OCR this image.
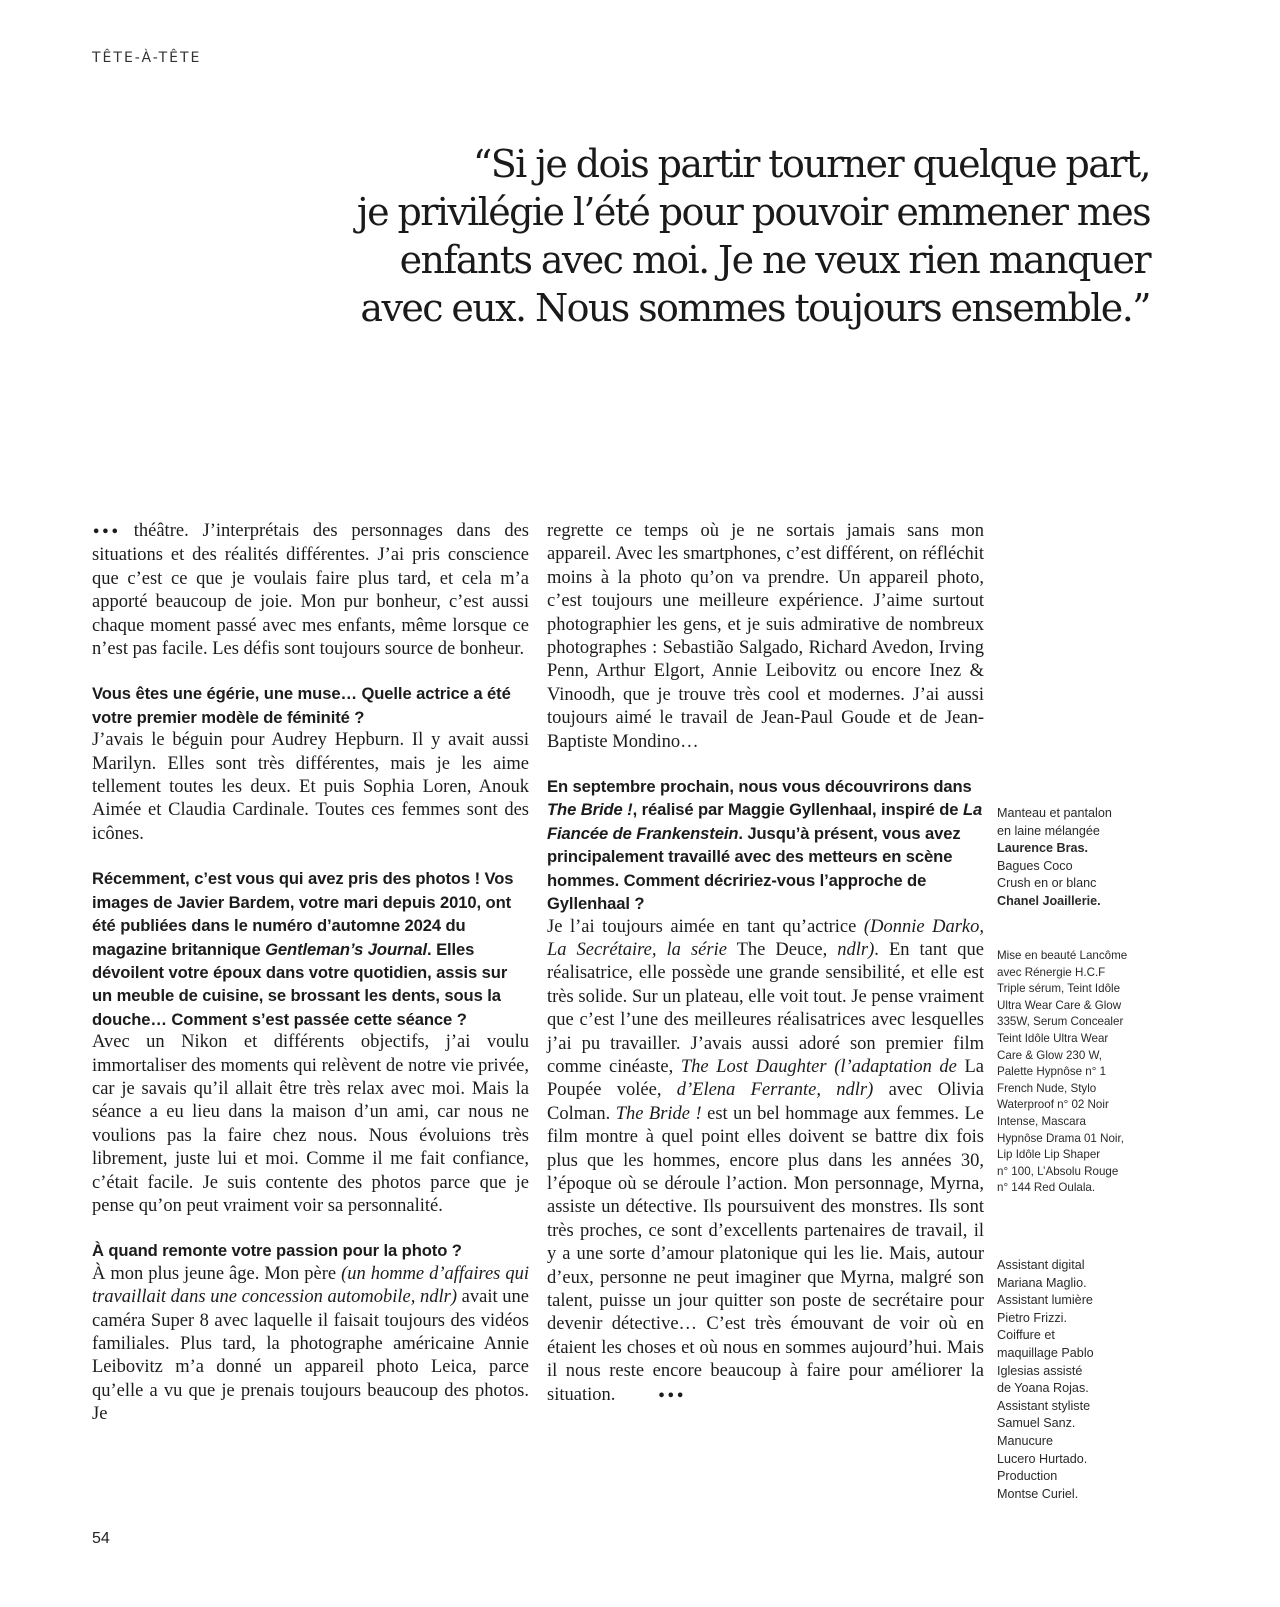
TÊTE-À-TÊTE
“Si je dois partir tourner quelque part,
je privilégie l’été pour pouvoir emmener mes
enfants avec moi. Je ne veux rien manquer
avec eux. Nous sommes toujours ensemble.”

••• théâtre. J’interprétais des personnages dans des situations et des réalités différentes. J’ai pris conscience que c’est ce que je voulais faire plus tard, et cela m’a apporté beaucoup de joie. Mon pur bonheur, c’est aussi chaque moment passé avec mes enfants, même lorsque ce n’est pas facile. Les défis sont toujours source de bonheur.

Vous êtes une égérie, une muse… Quelle actrice a été votre premier modèle de féminité ?

J’avais le béguin pour Audrey Hepburn. Il y avait aussi Marilyn. Elles sont très différentes, mais je les aime tellement toutes les deux. Et puis Sophia Loren, Anouk Aimée et Claudia Cardinale. Toutes ces femmes sont des icônes.

Récemment, c’est vous qui avez pris des photos ! Vos images de Javier Bardem, votre mari depuis 2010, ont été publiées dans le numéro d’automne 2024 du magazine britannique Gentleman’s Journal. Elles dévoilent votre époux dans votre quotidien, assis sur un meuble de cuisine, se brossant les dents, sous la douche… Comment s’est passée cette séance ?

Avec un Nikon et différents objectifs, j’ai voulu immortaliser des moments qui relèvent de notre vie privée, car je savais qu’il allait être très relax avec moi. Mais la séance a eu lieu dans la maison d’un ami, car nous ne voulions pas la faire chez nous. Nous évoluions très librement, juste lui et moi. Comme il me fait confiance, c’était facile. Je suis contente des photos parce que je pense qu’on peut vraiment voir sa personnalité.

À quand remonte votre passion pour la photo ?

À mon plus jeune âge. Mon père (un homme d’affaires qui travaillait dans une concession automobile, ndlr) avait une caméra Super 8 avec laquelle il faisait toujours des vidéos familiales. Plus tard, la photographe américaine Annie Leibovitz m’a donné un appareil photo Leica, parce qu’elle a vu que je prenais toujours beaucoup des photos. Je

regrette ce temps où je ne sortais jamais sans mon appareil. Avec les smartphones, c’est différent, on réfléchit moins à la photo qu’on va prendre. Un appareil photo, c’est toujours une meilleure expérience. J’aime surtout photographier les gens, et je suis admirative de nombreux photographes : Sebastião Salgado, Richard Avedon, Irving Penn, Arthur Elgort, Annie Leibovitz ou encore Inez & Vinoodh, que je trouve très cool et modernes. J’ai aussi toujours aimé le travail de Jean-Paul Goude et de Jean-Baptiste Mondino…

En septembre prochain, nous vous découvrirons dans The Bride !, réalisé par Maggie Gyllenhaal, inspiré de La Fiancée de Frankenstein. Jusqu’à présent, vous avez principalement travaillé avec des metteurs en scène hommes. Comment décririez-vous l’approche de Gyllenhaal ?

Je l’ai toujours aimée en tant qu’actrice (Donnie Darko, La Secrétaire, la série The Deuce, ndlr). En tant que réalisatrice, elle possède une grande sensibilité, et elle est très solide. Sur un plateau, elle voit tout. Je pense vraiment que c’est l’une des meilleures réalisatrices avec lesquelles j’ai pu travailler. J’avais aussi adoré son premier film comme cinéaste, The Lost Daughter (l’adaptation de La Poupée volée, d’Elena Ferrante, ndlr) avec Olivia Colman. The Bride ! est un bel hommage aux femmes. Le film montre à quel point elles doivent se battre dix fois plus que les hommes, encore plus dans les années 30, l’époque où se déroule l’action. Mon personnage, Myrna, assiste un détective. Ils poursuivent des monstres. Ils sont très proches, ce sont d’excellents partenaires de travail, il y a une sorte d’amour platonique qui les lie. Mais, autour d’eux, personne ne peut imaginer que Myrna, malgré son talent, puisse un jour quitter son poste de secrétaire pour devenir détective… C’est très émouvant de voir où en étaient les choses et où nous en sommes aujourd’hui. Mais il nous reste encore beaucoup à faire pour améliorer la situation.	•••

Manteau et pantalon
en laine mélangée
Laurence Bras.
Bagues Coco
Crush en or blanc
Chanel Joaillerie.
Mise en beauté Lancôme
avec Rénergie H.C.F
Triple sérum, Teint Idôle
Ultra Wear Care & Glow
335W, Serum Concealer
Teint Idôle Ultra Wear
Care & Glow 230 W,
Palette Hypnôse n° 1
French Nude, Stylo
Waterproof n° 02 Noir
Intense, Mascara
Hypnôse Drama 01 Noir,
Lip Idôle Lip Shaper
n° 100, L’Absolu Rouge
n° 144 Red Oulala.
Assistant digital
Mariana Maglio.
Assistant lumière
Pietro Frizzi.
Coiffure et
maquillage Pablo
Iglesias assisté
de Yoana Rojas.
Assistant styliste
Samuel Sanz.
Manucure
Lucero Hurtado.
Production
Montse Curiel.
54
